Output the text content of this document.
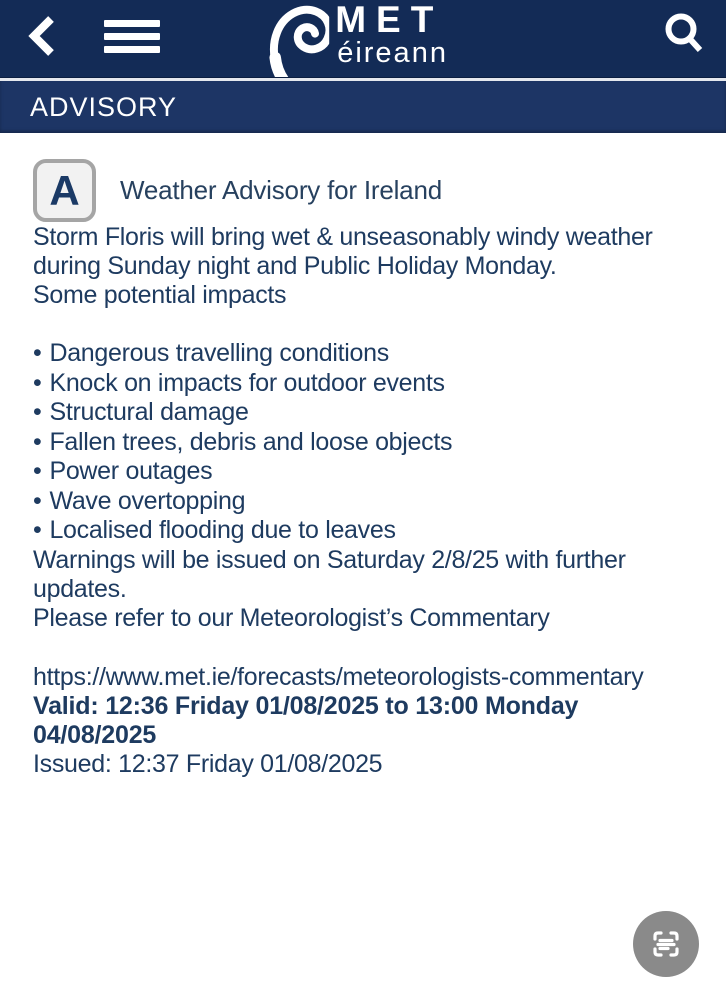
MET
éireann
ADVISORY
A Weather Advisory for Ireland

Storm Floris will bring wet & unseasonably windy weather during Sunday night and Public Holiday Monday.

Some potential impacts

• Dangerous travelling conditions
• Knock on impacts for outdoor events
• Structural damage
• Fallen trees, debris and loose objects
• Power outages
• Wave overtopping
• Localised flooding due to leaves

Warnings will be issued on Saturday 2/8/25 with further updates.

Please refer to our Meteorologist’s Commentary

https://www.met.ie/forecasts/meteorologists-commentary

Valid: 12:36 Friday 01/08/2025 to 13:00 Monday 04/08/2025

Issued: 12:37 Friday 01/08/2025
